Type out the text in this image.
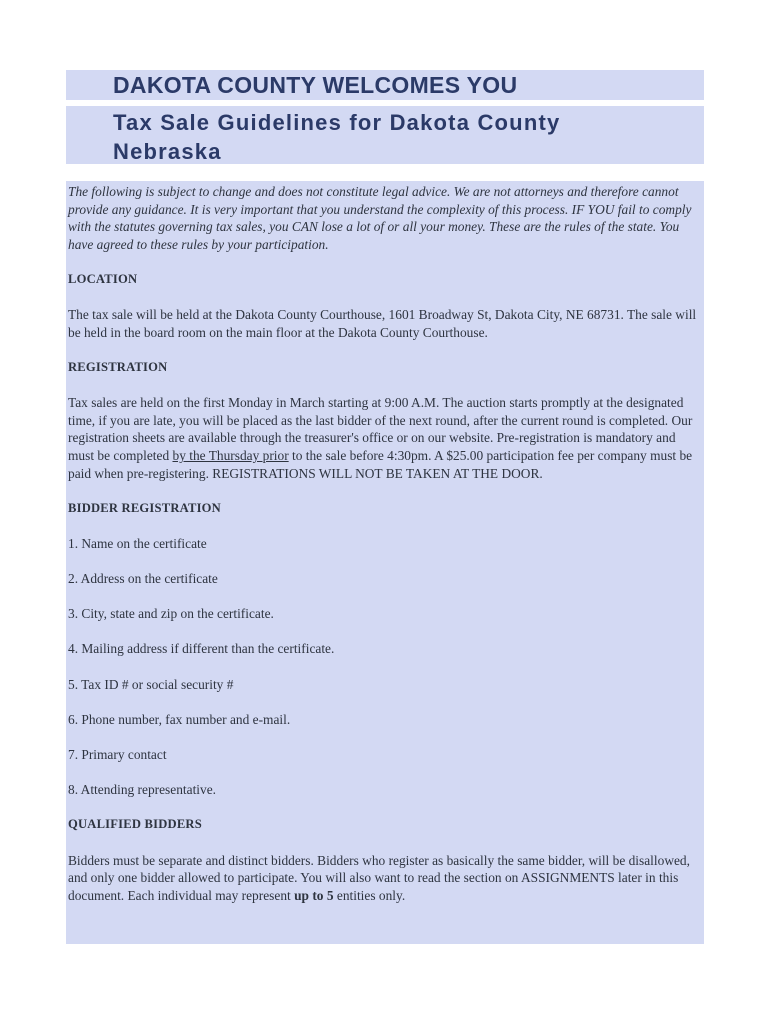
DAKOTA COUNTY WELCOMES YOU
Tax Sale Guidelines for Dakota County
Nebraska

The following is subject to change and does not constitute legal advice. We are not attorneys and therefore cannot provide any guidance. It is very important that you understand the complexity of this process. IF YOU fail to comply with the statutes governing tax sales, you CAN lose a lot of or all your money. These are the rules of the state. You have agreed to these rules by your participation.

LOCATION

The tax sale will be held at the Dakota County Courthouse, 1601 Broadway St, Dakota City, NE 68731. The sale will be held in the board room on the main floor at the Dakota County Courthouse.

REGISTRATION

Tax sales are held on the first Monday in March starting at 9:00 A.M. The auction starts promptly at the designated time, if you are late, you will be placed as the last bidder of the next round, after the current round is completed. Our registration sheets are available through the treasurer's office or on our website. Pre-registration is mandatory and must be completed by the Thursday prior to the sale before 4:30pm. A $25.00 participation fee per company must be paid when pre-registering. REGISTRATIONS WILL NOT BE TAKEN AT THE DOOR.

BIDDER REGISTRATION

1. Name on the certificate

2. Address on the certificate

3. City, state and zip on the certificate.

4. Mailing address if different than the certificate.

5. Tax ID # or social security #

6. Phone number, fax number and e-mail.

7. Primary contact

8. Attending representative.

QUALIFIED BIDDERS

Bidders must be separate and distinct bidders. Bidders who register as basically the same bidder, will be disallowed, and only one bidder allowed to participate. You will also want to read the section on ASSIGNMENTS later in this document. Each individual may represent up to 5 entities only.
